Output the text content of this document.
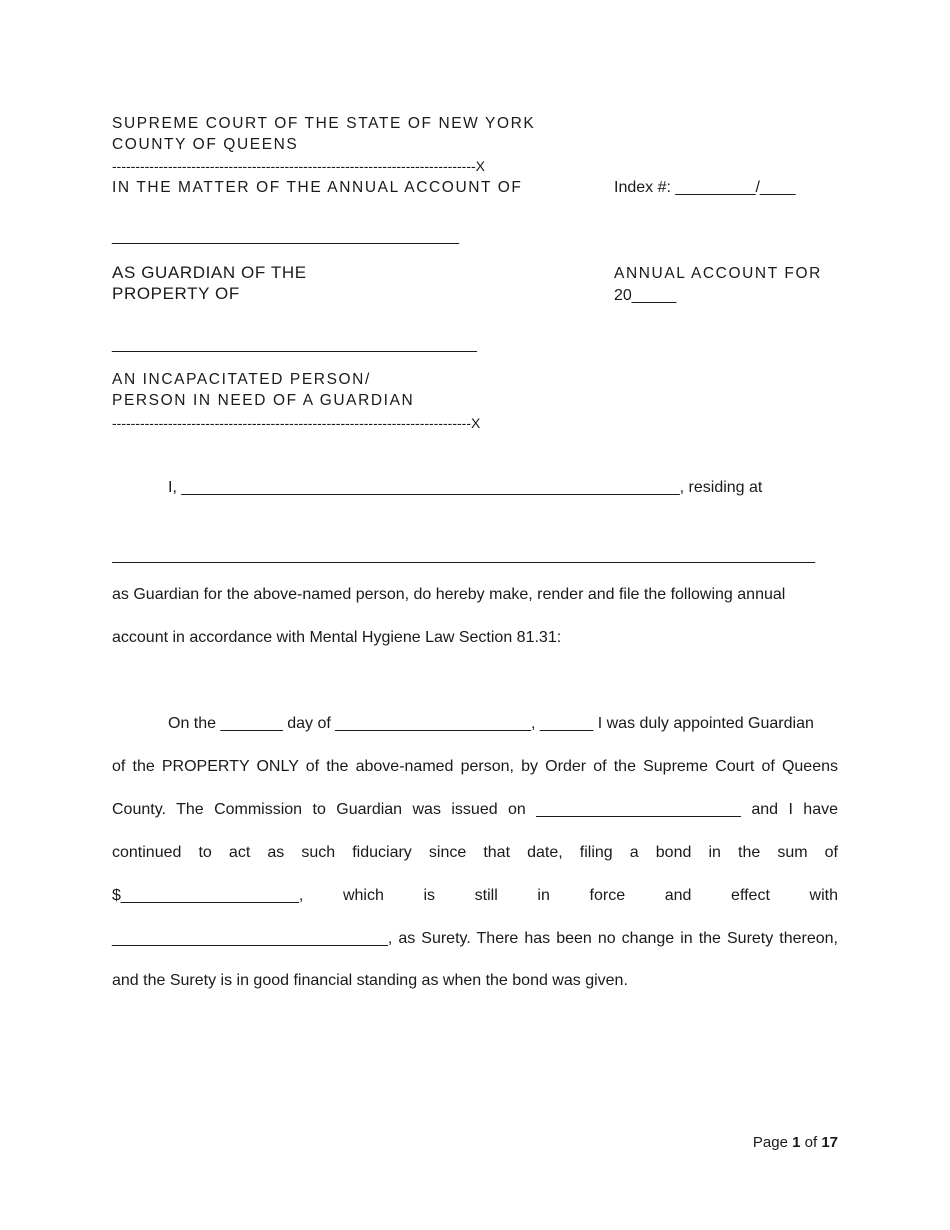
SUPREME COURT OF THE STATE OF NEW YORK
COUNTY OF QUEENS
------------------------------------------------------------------------------X
IN THE MATTER OF THE ANNUAL ACCOUNT OF	Index #: _________/____
_______________________________________
AS GUARDIAN OF THE
PROPERTY OF
ANNUAL ACCOUNT FOR
20_____
_________________________________________
AN INCAPACITATED PERSON/
PERSON IN NEED OF A GUARDIAN
-----------------------------------------------------------------------------X
I, ________________________________________________________, residing at
_______________________________________________________________________________
as Guardian for the above-named person, do hereby make, render and file the following annual
account in accordance with Mental Hygiene Law Section 81.31:
On the _______ day of ______________________, ______ I was duly appointed Guardian
of the PROPERTY ONLY of the above-named person, by Order of the Supreme Court of Queens
County. The Commission to Guardian was issued on _______________________ and I have
continued to act as such fiduciary since that date, filing a bond in the sum of
$____________________, which is still in force and effect with
_______________________________, as Surety. There has been no change in the Surety thereon,
and the Surety is in good financial standing as when the bond was given.
Page 1 of 17
